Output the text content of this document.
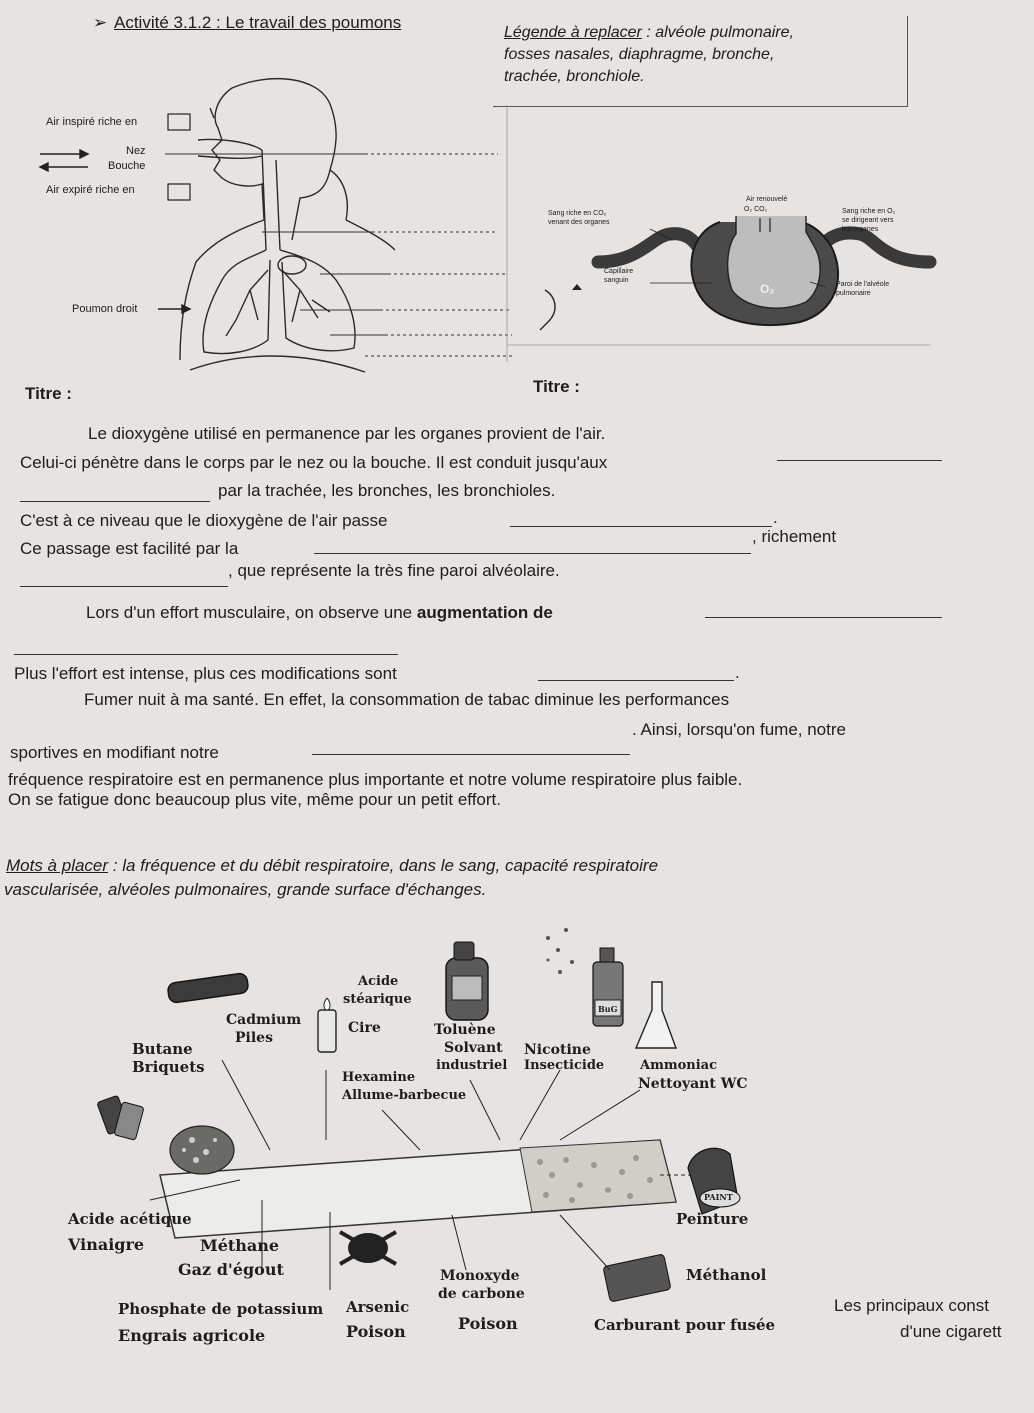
➢ Activité 3.1.2 : Le travail des poumons
Légende à replacer : alvéole pulmonaire,
fosses nasales, diaphragme, bronche,
trachée, bronchiole.
Air inspiré riche en
Nez
Bouche
Air expiré riche en
Poumon droit
Titre :
Sang riche en CO₂
venant des organes
Air renouvelé
O₂ CO₂	Sang riche en O₂
se dirigeant vers
les organes
Capillaire
sanguin
Paroi de l'alvéole
pulmonaire
O₂
Titre :
Le dioxygène utilisé en permanence par les organes provient de l'air.
Celui-ci pénètre dans le corps par le nez ou la bouche. Il est conduit jusqu'aux
par la trachée, les bronches, les bronchioles.
C'est à ce niveau que le dioxygène de l'air passe	.
Ce passage est facilité par la
, richement
, que représente la très fine paroi alvéolaire.
Lors d'un effort musculaire, on observe une augmentation de
Plus l'effort est intense, plus ces modifications sont	.
Fumer nuit à ma santé. En effet, la consommation de tabac diminue les performances
sportives en modifiant notre
. Ainsi, lorsqu'on fume, notre
fréquence respiratoire est en permanence plus importante et notre volume respiratoire plus faible.
On se fatigue donc beaucoup plus vite, même pour un petit effort.
Mots à placer : la fréquence et du débit respiratoire, dans le sang, capacité respiratoire
vascularisée, alvéoles pulmonaires, grande surface d'échanges.
Acide
stéarique
Cire
Cadmium
Piles
Butane
Briquets
Toluène
Solvant
industriel
Nicotine
Insecticide
Hexamine
Allume-barbecue
Ammoniac
Nettoyant WC
Acide acétique
Vinaigre	Méthane
Gaz d'égout
Peinture
Monoxyde
de carbone
Poison
Méthanol
Phosphate de potassium
Engrais agricole
Arsenic
Poison	Carburant pour fusée
BuG
PAINT
Les principaux const
d'une cigarett
